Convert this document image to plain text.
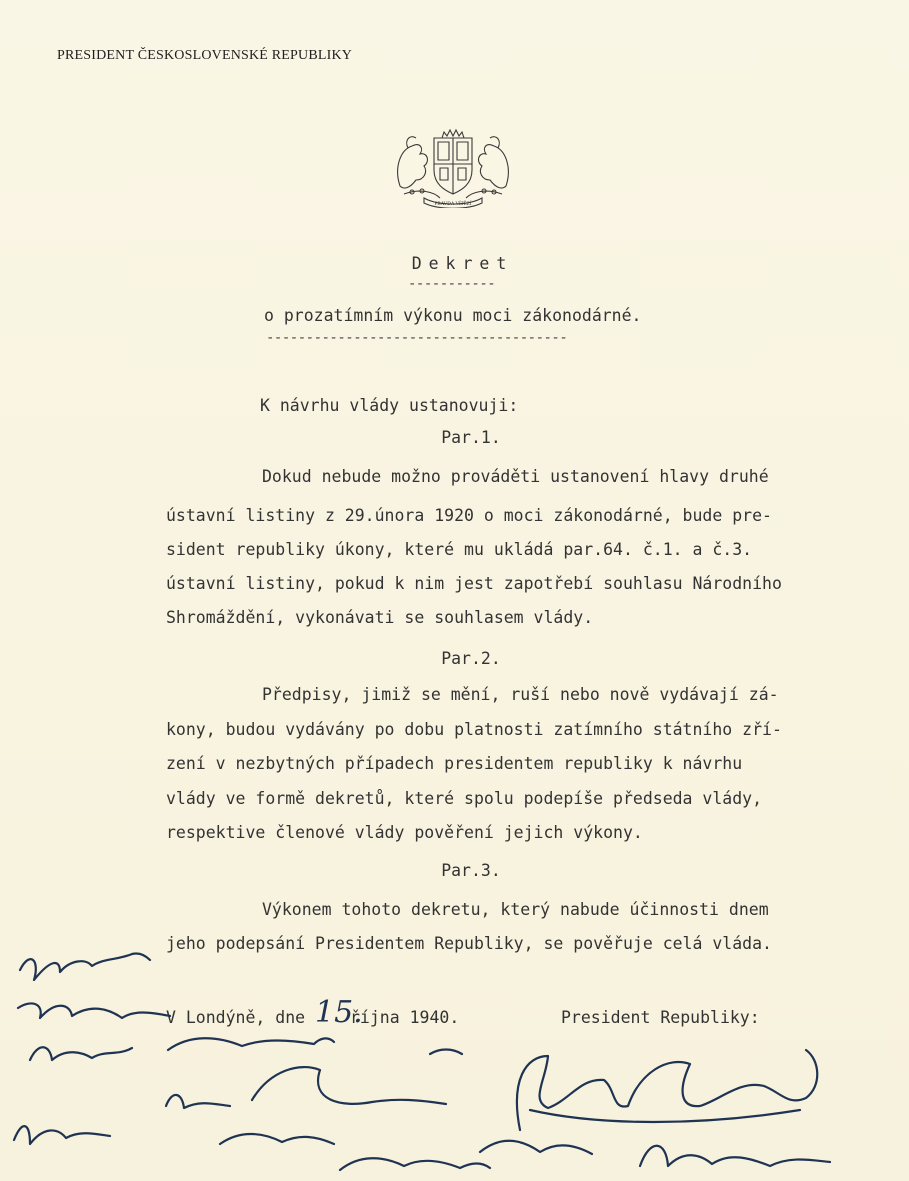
PRESIDENT ČESKOSLOVENSKÉ REPUBLIKY
PRAVDA VÍTĚZÍ
Dekret
-----------
o prozatímním výkonu moci zákonodárné.
--------------------------------------
K návrhu vlády ustanovuji:
Par.1.
Dokud nebude možno prováděti ustanovení hlavy druhé
ústavní listiny z 29.února 1920 o moci zákonodárné, bude pre-
sident republiky úkony, které mu ukládá par.64. č.1. a č.3.
ústavní listiny, pokud k nim jest zapotřebí souhlasu Národního
Shromáždění, vykonávati se souhlasem vlády.
Par.2.
Předpisy, jimiž se mění, ruší nebo nově vydávají zá-
kony, budou vydávány po dobu platnosti zatímního státního zří-
zení v nezbytných případech presidentem republiky k návrhu
vlády ve formě dekretů, které spolu podepíše předseda vlády,
respektive členové vlády pověření jejich výkony.
Par.3.
Výkonem tohoto dekretu, který nabude účinnosti dnem
jeho podepsání Presidentem Republiky, se pověřuje celá vláda.
V Londýně, dne 15.
října 1940.	President Republiky:
